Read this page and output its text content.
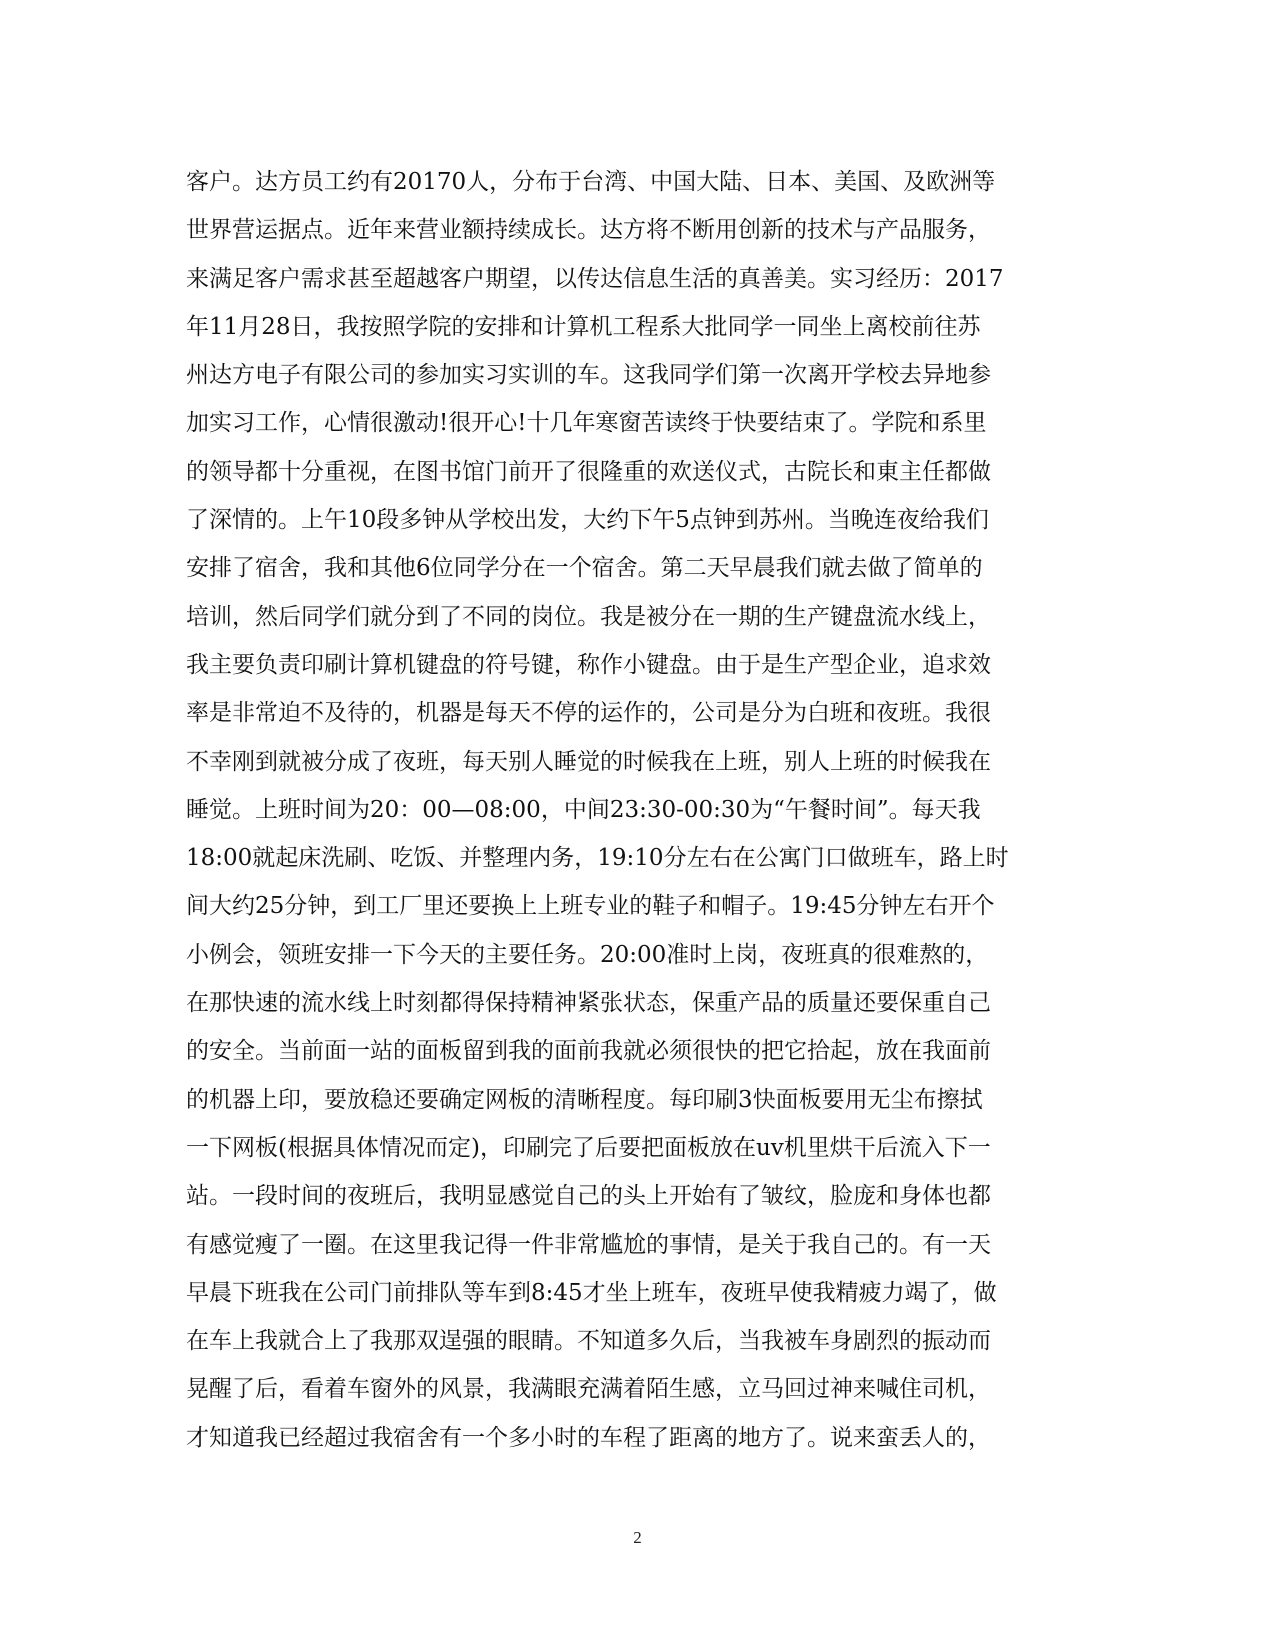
客户。达方员工约有20170人，分布于台湾、中国大陆、日本、美国、及欧洲等
世界营运据点。近年来营业额持续成长。达方将不断用创新的技术与产品服务，
来满足客户需求甚至超越客户期望，以传达信息生活的真善美。实习经历：2017
年11月28日，我按照学院的安排和计算机工程系大批同学一同坐上离校前往苏
州达方电子有限公司的参加实习实训的车。这我同学们第一次离开学校去异地参
加实习工作，心情很激动!很开心!十几年寒窗苦读终于快要结束了。学院和系里
的领导都十分重视，在图书馆门前开了很隆重的欢送仪式，古院长和東主任都做
了深情的。上午10段多钟从学校出发，大约下午5点钟到苏州。当晚连夜给我们
安排了宿舍，我和其他6位同学分在一个宿舍。第二天早晨我们就去做了简单的
培训，然后同学们就分到了不同的岗位。我是被分在一期的生产键盘流水线上，
我主要负责印刷计算机键盘的符号键，称作小键盘。由于是生产型企业，追求效
率是非常迫不及待的，机器是每天不停的运作的，公司是分为白班和夜班。我很
不幸刚到就被分成了夜班，每天别人睡觉的时候我在上班，别人上班的时候我在
睡觉。上班时间为20：00—08:00，中间23:30-00:30为“午餐时间”。每天我
18:00就起床洗刷、吃饭、并整理内务，19:10分左右在公寓门口做班车，路上时
间大约25分钟，到工厂里还要换上上班专业的鞋子和帽子。19:45分钟左右开个
小例会，领班安排一下今天的主要任务。20:00准时上岗，夜班真的很难熬的，
在那快速的流水线上时刻都得保持精神紧张状态，保重产品的质量还要保重自己
的安全。当前面一站的面板留到我的面前我就必须很快的把它拾起，放在我面前
的机器上印，要放稳还要确定网板的清晰程度。每印刷3快面板要用无尘布擦拭
一下网板(根据具体情况而定)，印刷完了后要把面板放在uv机里烘干后流入下一
站。一段时间的夜班后，我明显感觉自己的头上开始有了皱纹，脸庞和身体也都
有感觉瘦了一圈。在这里我记得一件非常尴尬的事情，是关于我自己的。有一天
早晨下班我在公司门前排队等车到8:45才坐上班车，夜班早使我精疲力竭了，做
在车上我就合上了我那双逞强的眼睛。不知道多久后，当我被车身剧烈的振动而
晃醒了后，看着车窗外的风景，我满眼充满着陌生感，立马回过神来喊住司机，
才知道我已经超过我宿舍有一个多小时的车程了距离的地方了。说来蛮丢人的，
2
